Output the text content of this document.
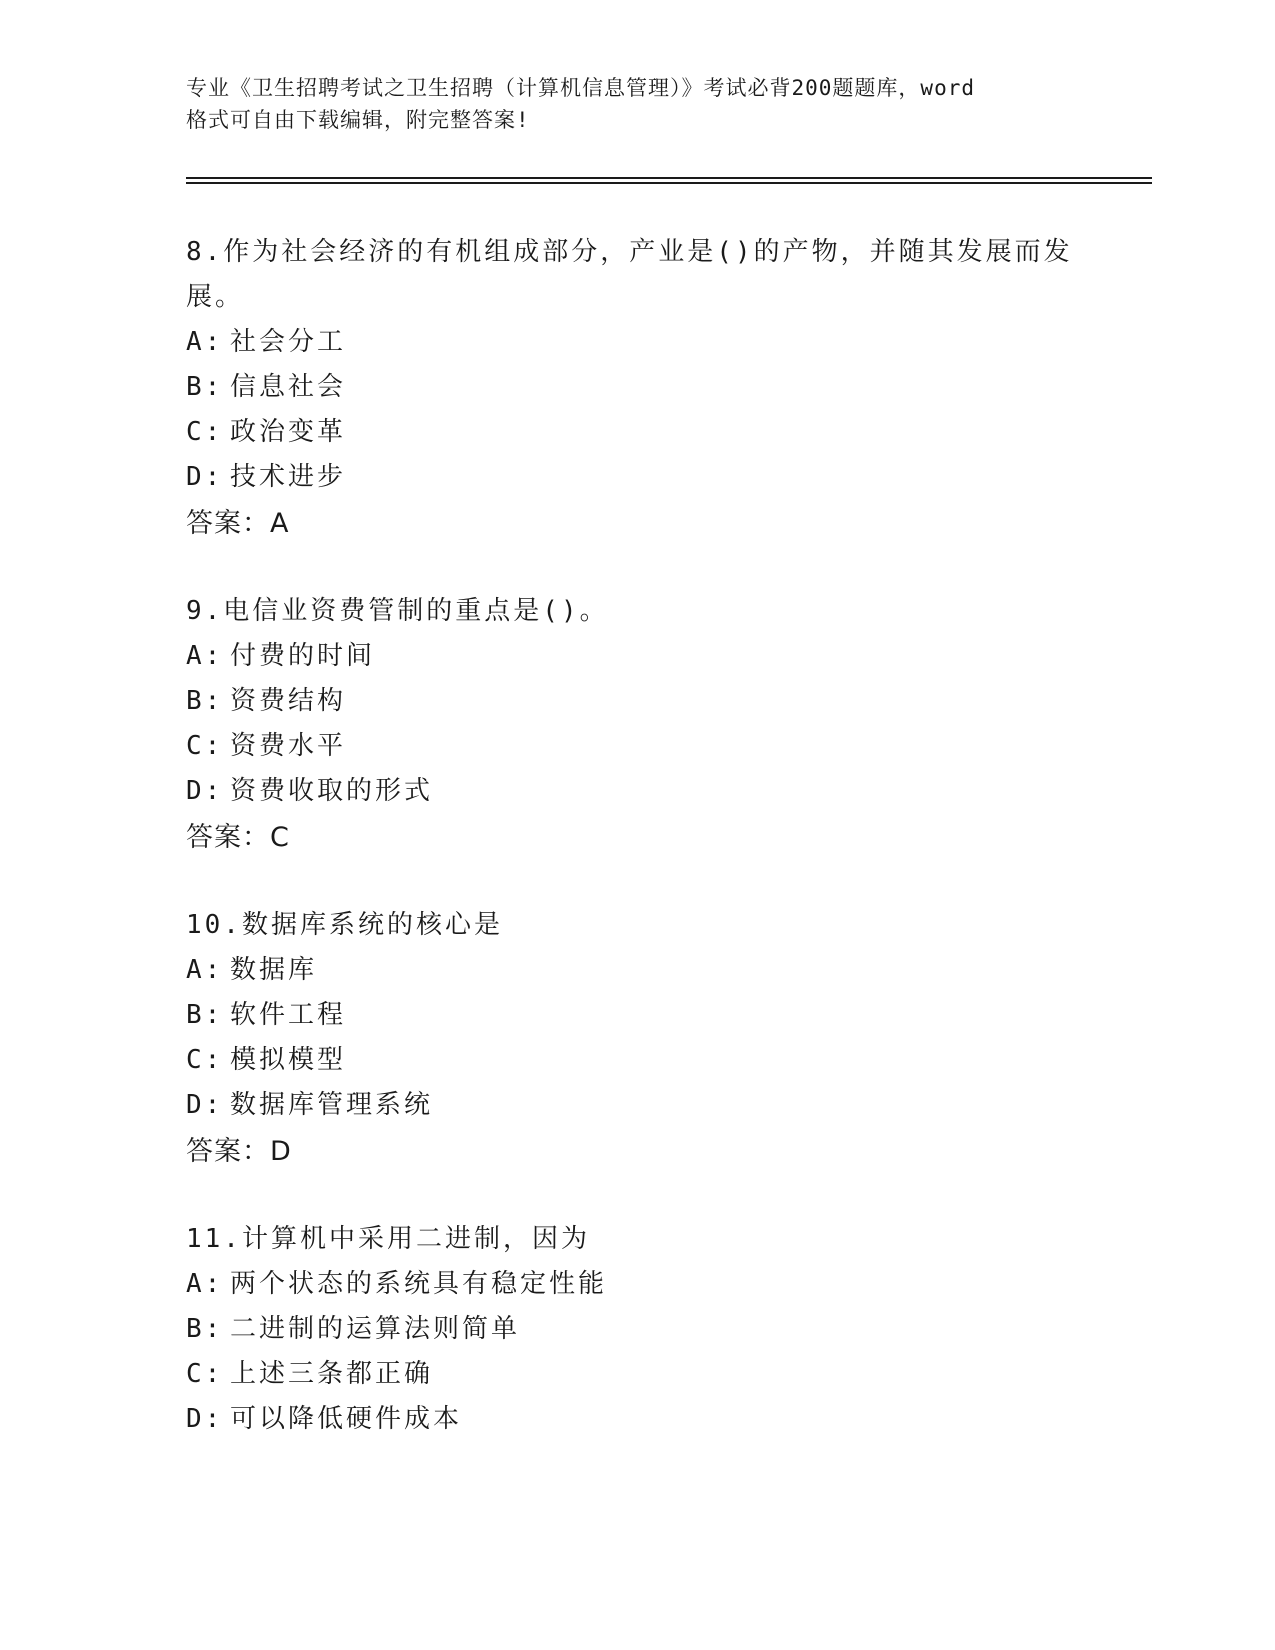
专业《卫生招聘考试之卫生招聘（计算机信息管理）》考试必背200题题库，word
格式可自由下载编辑，附完整答案!

8.作为社会经济的有机组成部分，产业是()的产物，并随其发展而发

展。

A: 社会分工

B: 信息社会

C: 政治变革

D: 技术进步

答案：A

9.电信业资费管制的重点是()。

A: 付费的时间

B: 资费结构

C: 资费水平

D: 资费收取的形式

答案：C

10.数据库系统的核心是

A: 数据库

B: 软件工程

C: 模拟模型

D: 数据库管理系统

答案：D

11.计算机中采用二进制，因为

A: 两个状态的系统具有稳定性能

B: 二进制的运算法则简单

C: 上述三条都正确

D: 可以降低硬件成本
